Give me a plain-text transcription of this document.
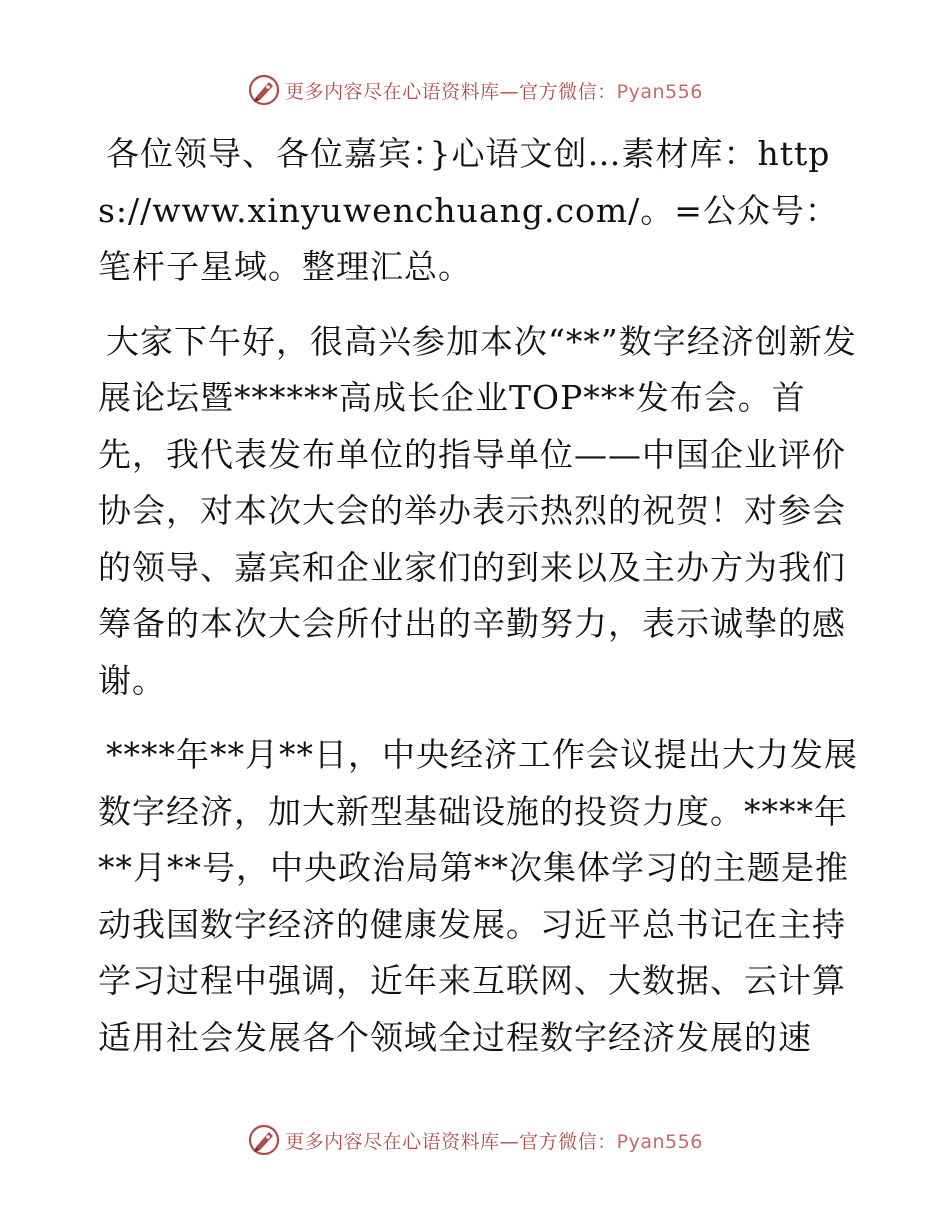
更多内容尽在心语资料库—官方微信：Pyan556

各位领导、各位嘉宾：}心语文创…素材库：https://www.xinyuwenchuang.com/。=公众号：笔杆子星域。整理汇总。

大家下午好，很高兴参加本次“**”数字经济创新发展论坛暨******高成长企业TOP***发布会。首先，我代表发布单位的指导单位——中国企业评价协会，对本次大会的举办表示热烈的祝贺！对参会的领导、嘉宾和企业家们的到来以及主办方为我们筹备的本次大会所付出的辛勤努力，表示诚挚的感谢。

****年**月**日，中央经济工作会议提出大力发展数字经济，加大新型基础设施的投资力度。****年**月**号，中央政治局第**次集体学习的主题是推动我国数字经济的健康发展。习近平总书记在主持学习过程中强调，近年来互联网、大数据、云计算适用社会发展各个领域全过程数字经济发展的速

更多内容尽在心语资料库—官方微信：Pyan556
